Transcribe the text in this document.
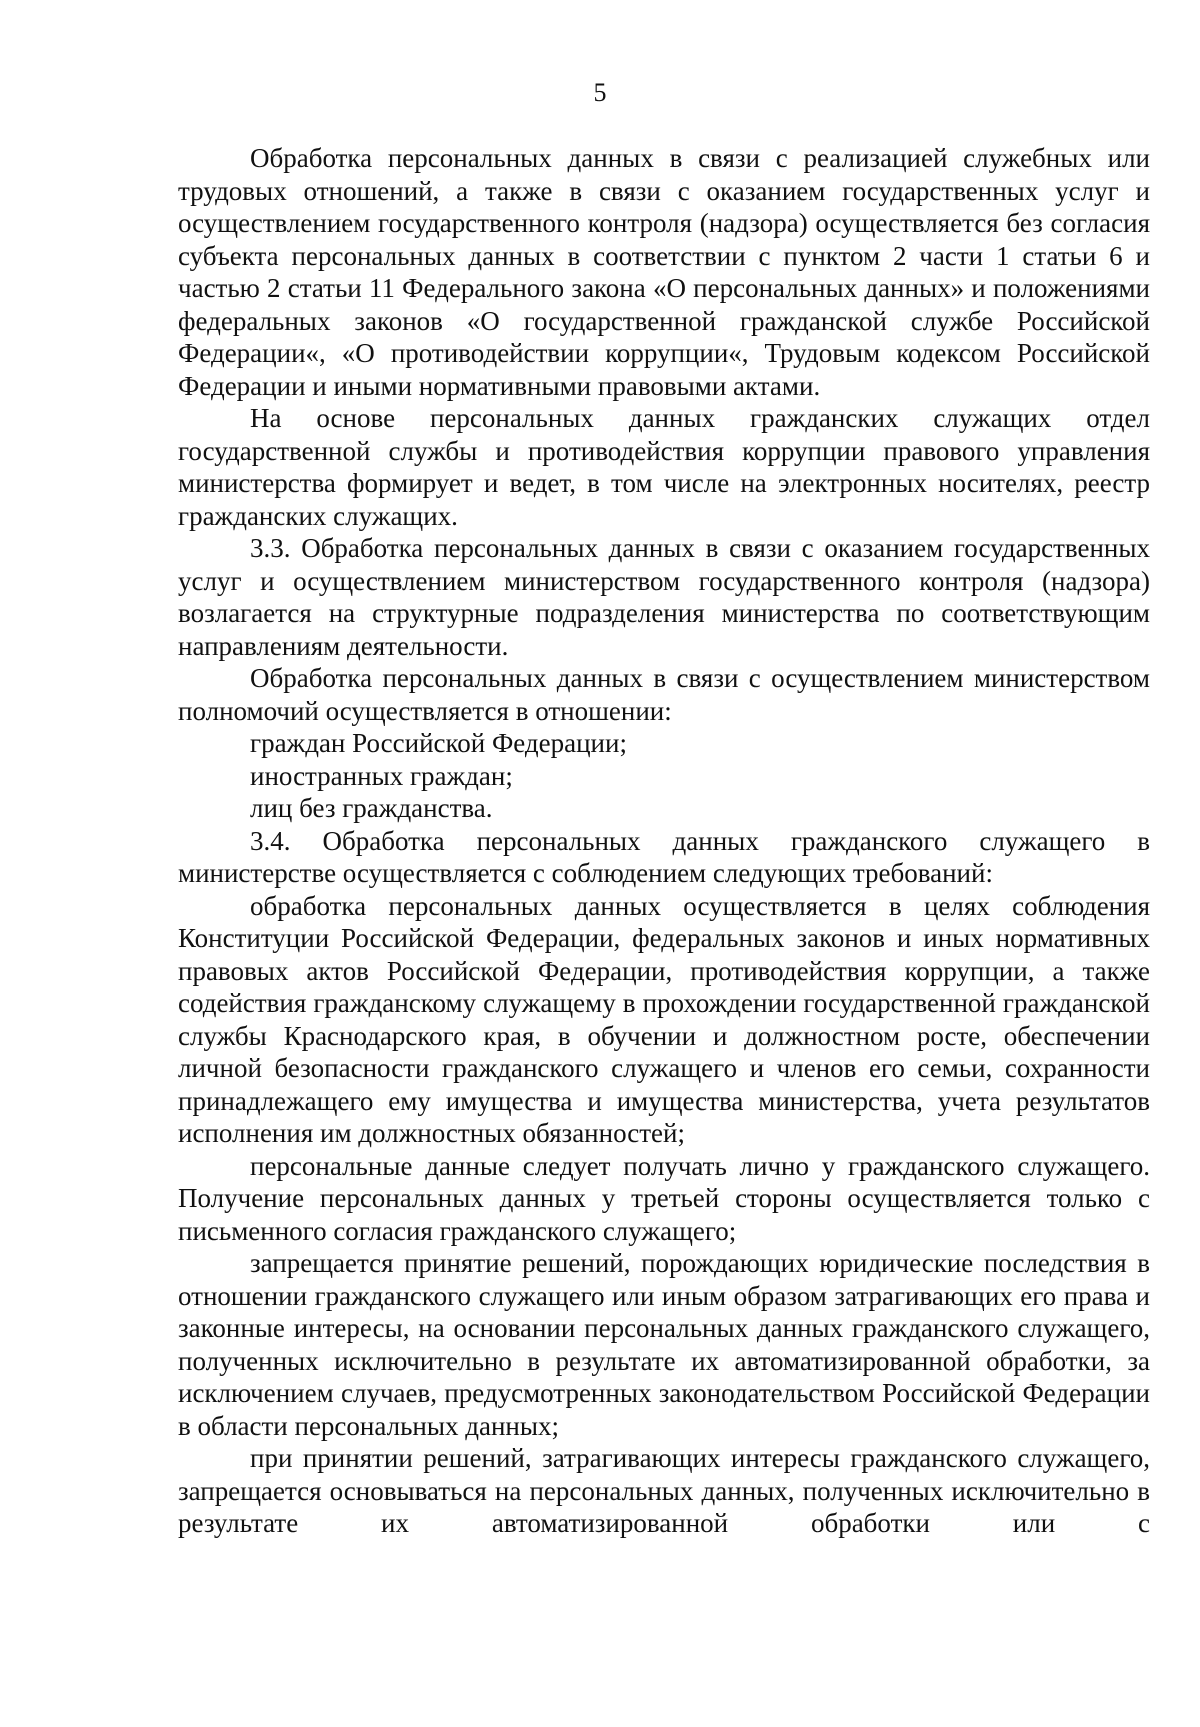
5

Обработка персональных данных в связи с реализацией служебных или трудовых отношений, а также в связи с оказанием государственных услуг и осуществлением государственного контроля (надзора) осуществляется без согласия субъекта персональных данных в соответствии с пунктом 2 части 1 статьи 6 и частью 2 статьи 11 Федерального закона «О персональных данных» и положениями федеральных законов «О государственной гражданской службе Российской Федерации«, «О противодействии коррупции«, Трудовым кодексом Российской Федерации и иными нормативными правовыми актами.

На основе персональных данных гражданских служащих отдел государственной службы и противодействия коррупции правового управления министерства формирует и ведет, в том числе на электронных носителях, реестр гражданских служащих.

3.3. Обработка персональных данных в связи с оказанием государственных услуг и осуществлением министерством государственного контроля (надзора) возлагается на структурные подразделения министерства по соответствующим направлениям деятельности.

Обработка персональных данных в связи с осуществлением министерством полномочий осуществляется в отношении:

граждан Российской Федерации;

иностранных граждан;

лиц без гражданства.

3.4. Обработка персональных данных гражданского служащего в министерстве осуществляется с соблюдением следующих требований:

обработка персональных данных осуществляется в целях соблюдения Конституции Российской Федерации, федеральных законов и иных нормативных правовых актов Российской Федерации, противодействия коррупции, а также содействия гражданскому служащему в прохождении государственной гражданской службы Краснодарского края, в обучении и должностном росте, обеспечении личной безопасности гражданского служащего и членов его семьи, сохранности принадлежащего ему имущества и имущества министерства, учета результатов исполнения им должностных обязанностей;

персональные данные следует получать лично у гражданского служащего. Получение персональных данных у третьей стороны осуществляется только с письменного согласия гражданского служащего;

запрещается принятие решений, порождающих юридические последствия в отношении гражданского служащего или иным образом затрагивающих его права и законные интересы, на основании персональных данных гражданского служащего, полученных исключительно в результате их автоматизированной обработки, за исключением случаев, предусмотренных законодательством Российской Федерации в области персональных данных;

при принятии решений, затрагивающих интересы гражданского служащего, запрещается основываться на персональных данных, полученных исключительно в результате их автоматизированной обработки или с
